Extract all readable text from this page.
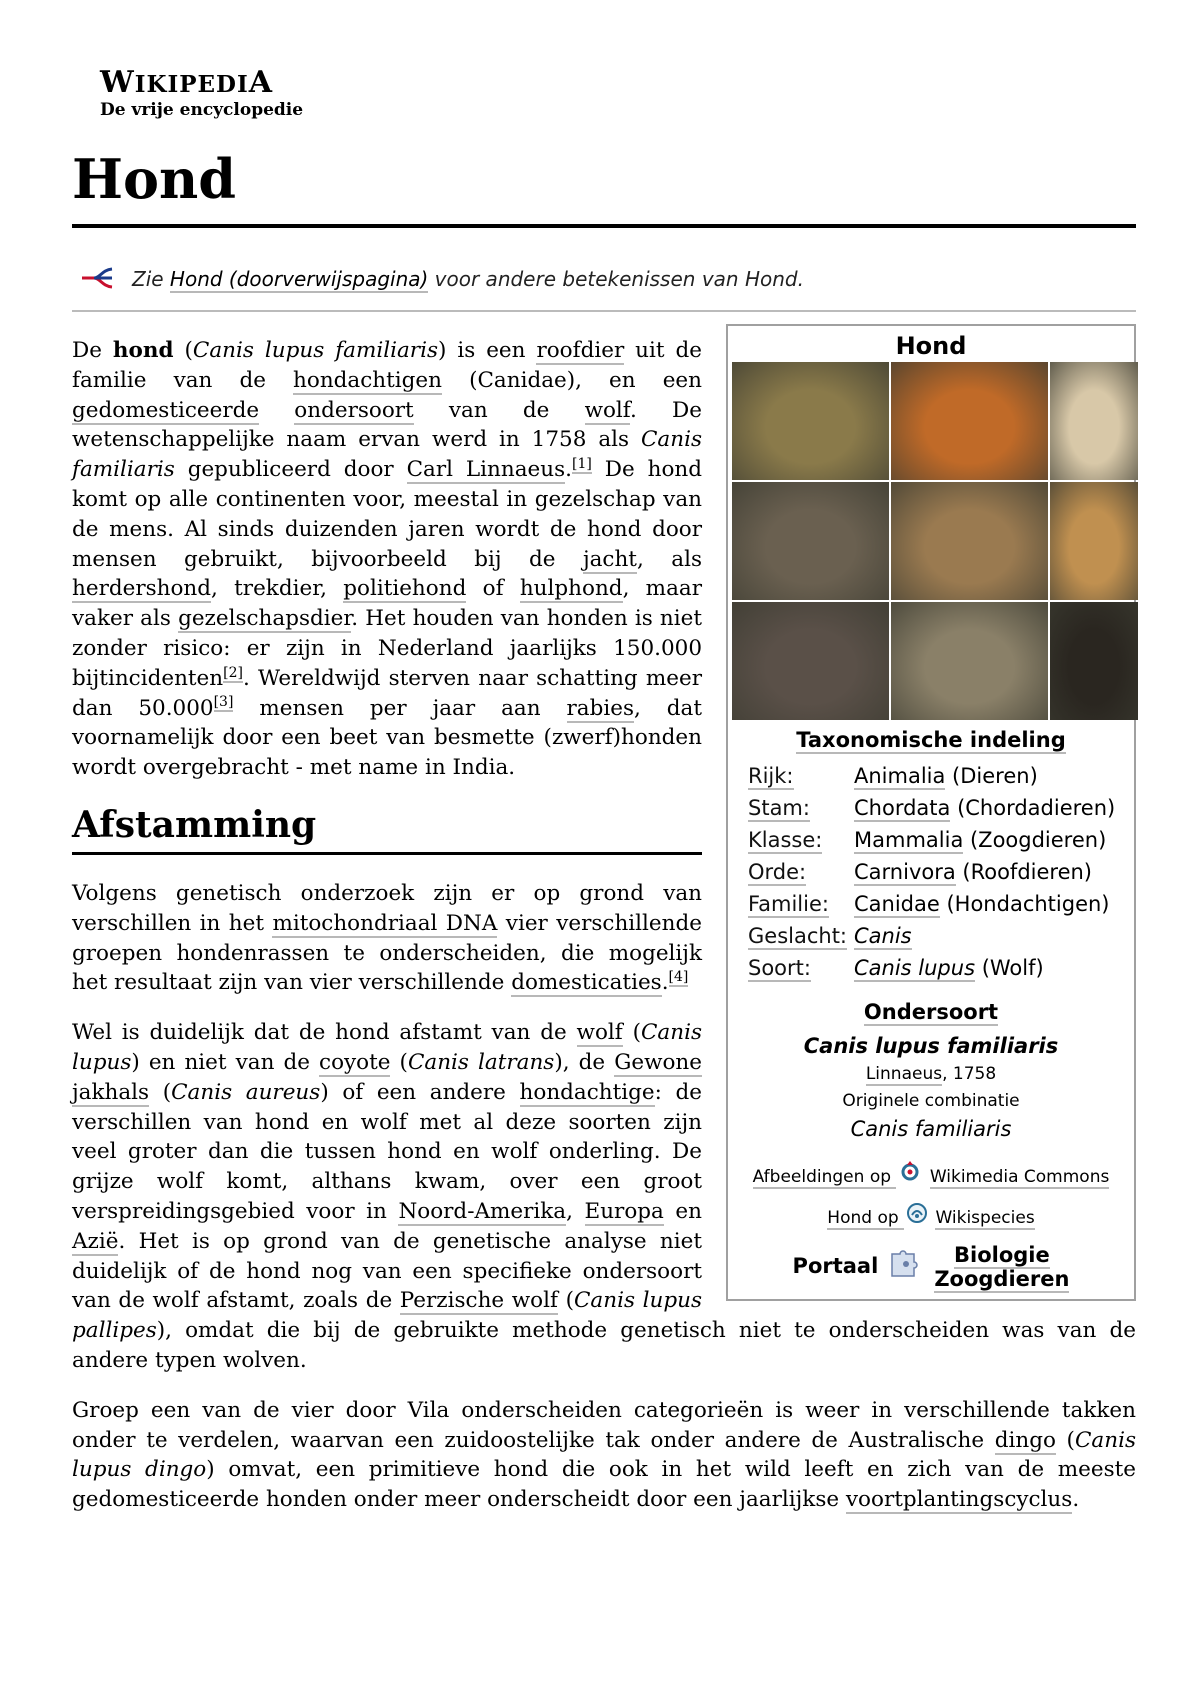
WIKIPEDIA
De vrije encyclopedie
Hond
Zie Hond (doorverwijspagina) voor andere betekenissen van Hond.
Hond
Taxonomische indeling
Rijk:	Animalia (Dieren)
Stam:	Chordata (Chordadieren)
Klasse:	Mammalia (Zoogdieren)
Orde:	Carnivora (Roofdieren)
Familie:	Canidae (Hondachtigen)
Geslacht: Canis
Soort:	Canis lupus (Wolf)
Ondersoort
Canis lupus familiaris
Linnaeus, 1758
Originele combinatie
Canis familiaris
Afbeeldingen op  Wikimedia Commons
Hond op  Wikispecies
Portaal	Biologie
Zoogdieren

De hond (Canis lupus familiaris) is een roofdier uit de familie van de hondachtigen (Canidae), en een gedomesticeerde ondersoort van de wolf. De wetenschappelijke naam ervan werd in 1758 als Canis familiaris gepubliceerd door Carl Linnaeus.[1] De hond komt op alle continenten voor, meestal in gezelschap van de mens. Al sinds duizenden jaren wordt de hond door mensen gebruikt, bijvoorbeeld bij de jacht, als herdershond, trekdier, politiehond of hulphond, maar vaker als gezelschapsdier. Het houden van honden is niet zonder risico: er zijn in Nederland jaarlijks 150.000 bijtincidenten[2]. Wereldwijd sterven naar schatting meer dan 50.000[3] mensen per jaar aan rabies, dat voornamelijk door een beet van besmette (zwerf)honden wordt overgebracht - met name in India.

Afstamming

Volgens genetisch onderzoek zijn er op grond van verschillen in het mitochondriaal DNA vier verschillende groepen hondenrassen te onderscheiden, die mogelijk het resultaat zijn van vier verschillende domesticaties.[4]

Wel is duidelijk dat de hond afstamt van de wolf (Canis lupus) en niet van de coyote (Canis latrans), de Gewone jakhals (Canis aureus) of een andere hondachtige: de verschillen van hond en wolf met al deze soorten zijn veel groter dan die tussen hond en wolf onderling. De grijze wolf komt, althans kwam, over een groot verspreidingsgebied voor in Noord-Amerika, Europa en Azië. Het is op grond van de genetische analyse niet duidelijk of de hond nog van een specifieke ondersoort van de wolf afstamt, zoals de Perzische wolf (Canis lupus pallipes), omdat die bij de gebruikte methode genetisch niet te onderscheiden was van de andere typen wolven.

Groep een van de vier door Vila onderscheiden categorieën is weer in verschillende takken onder te verdelen, waarvan een zuidoostelijke tak onder andere de Australische dingo (Canis lupus dingo) omvat, een primitieve hond die ook in het wild leeft en zich van de meeste gedomesticeerde honden onder meer onderscheidt door een jaarlijkse voortplantingscyclus.
